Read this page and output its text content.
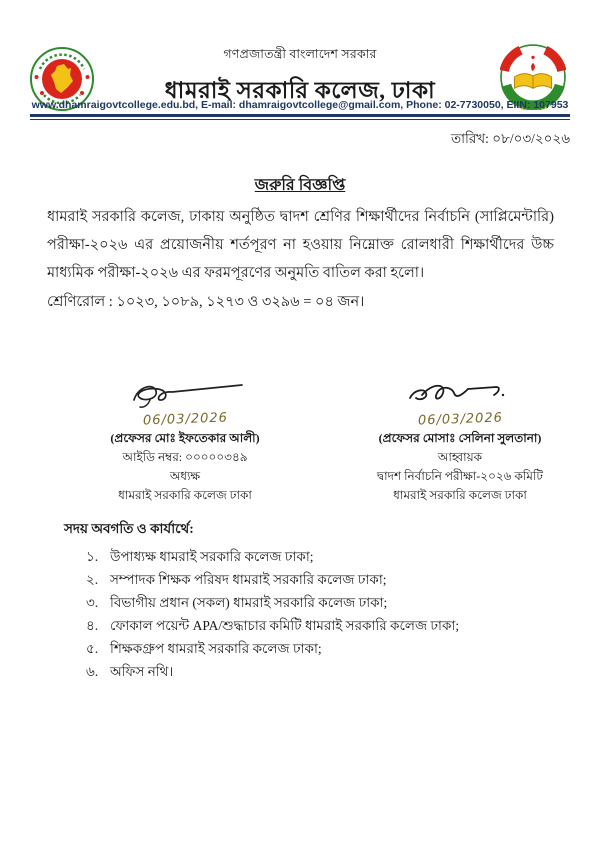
গণপ্রজাতন্ত্রী বাংলাদেশ সরকার
ধামরাই সরকারি কলেজ, ঢাকা
www.dhamraigovtcollege.edu.bd, E-mail: dhamraigovtcollege@gmail.com, Phone: 02-7730050, EIIN: 107953
তারিখ: ০৮/০৩/২০২৬
জরুরি বিজ্ঞপ্তি
ধামরাই সরকারি কলেজ, ঢাকায় অনুষ্ঠিত দ্বাদশ শ্রেণির শিক্ষার্থীদের নির্বাচনি (সাপ্লিমেন্টারি) পরীক্ষা-২০২৬ এর প্রয়োজনীয় শর্তপূরণ না হওয়ায় নিম্নোক্ত রোলধারী শিক্ষার্থীদের উচ্চ মাধ্যমিক পরীক্ষা-২০২৬ এর ফরমপূরণের অনুমতি বাতিল করা হলো।
শ্রেণিরোল : ১০২৩, ১০৮৯, ১২৭৩ ও ৩২৯৬ = ০৪ জন।
06/03/2026
(প্রফেসর মোঃ ইফতেকার আলী)
আইডি নম্বর: ০০০০০৩৪৯
অধ্যক্ষ
ধামরাই সরকারি কলেজ ঢাকা
06/03/2026
(প্রফেসর মোসাঃ সেলিনা সুলতানা)
আহ্বায়ক
দ্বাদশ নির্বাচনি পরীক্ষা-২০২৬ কমিটি
ধামরাই সরকারি কলেজ ঢাকা
সদয় অবগতি ও কার্যার্থে:
১. উপাধ্যক্ষ ধামরাই সরকারি কলেজ ঢাকা;
২. সম্পাদক শিক্ষক পরিষদ ধামরাই সরকারি কলেজ ঢাকা;
৩. বিভাগীয় প্রধান (সকল) ধামরাই সরকারি কলেজ ঢাকা;
৪. ফোকাল পয়েন্ট APA/শুদ্ধাচার কমিটি ধামরাই সরকারি কলেজ ঢাকা;
৫. শিক্ষকগ্রুপ ধামরাই সরকারি কলেজ ঢাকা;
৬. অফিস নথি।
